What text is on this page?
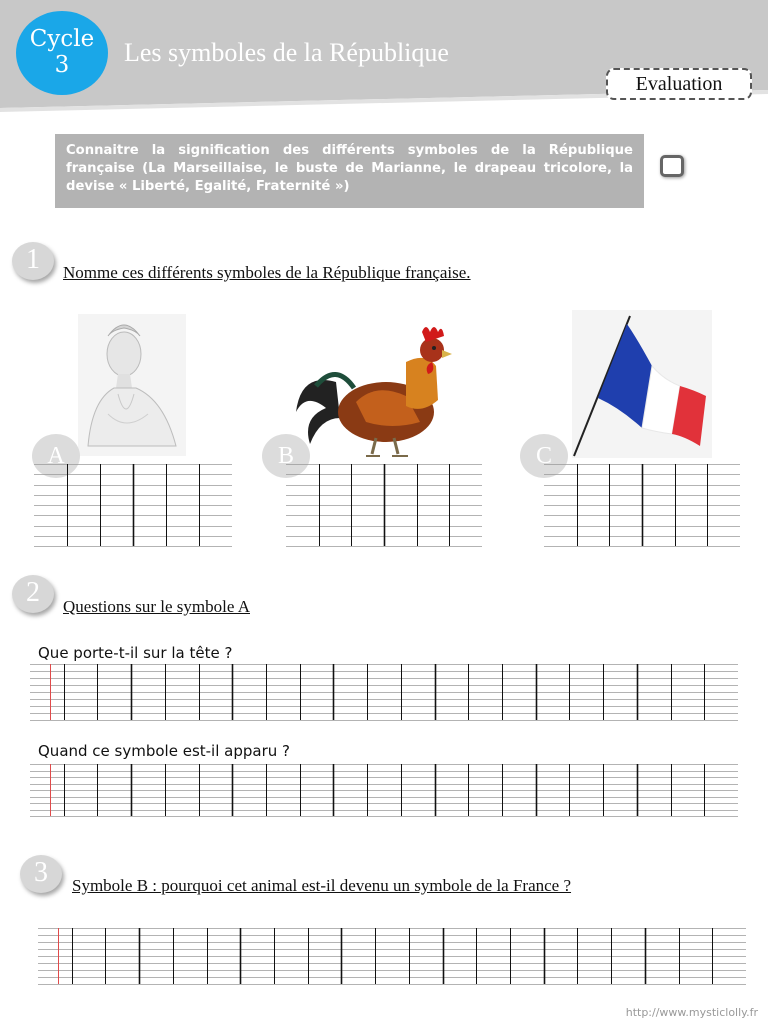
Cycle
3	Les symboles de la République
Evaluation
Connaitre la signification des différents symboles de la République française (La Marseillaise, le buste de Marianne, le drapeau tricolore, la devise « Liberté, Egalité, Fraternité »)
1	Nomme ces différents symboles de la République française.
A	B	C
2	Questions sur le symbole A
Que porte-t-il sur la tête ?
Quand ce symbole est-il apparu ?
3	Symbole B : pourquoi cet animal est-il devenu un symbole de la France ?
http://www.mysticlolly.fr
